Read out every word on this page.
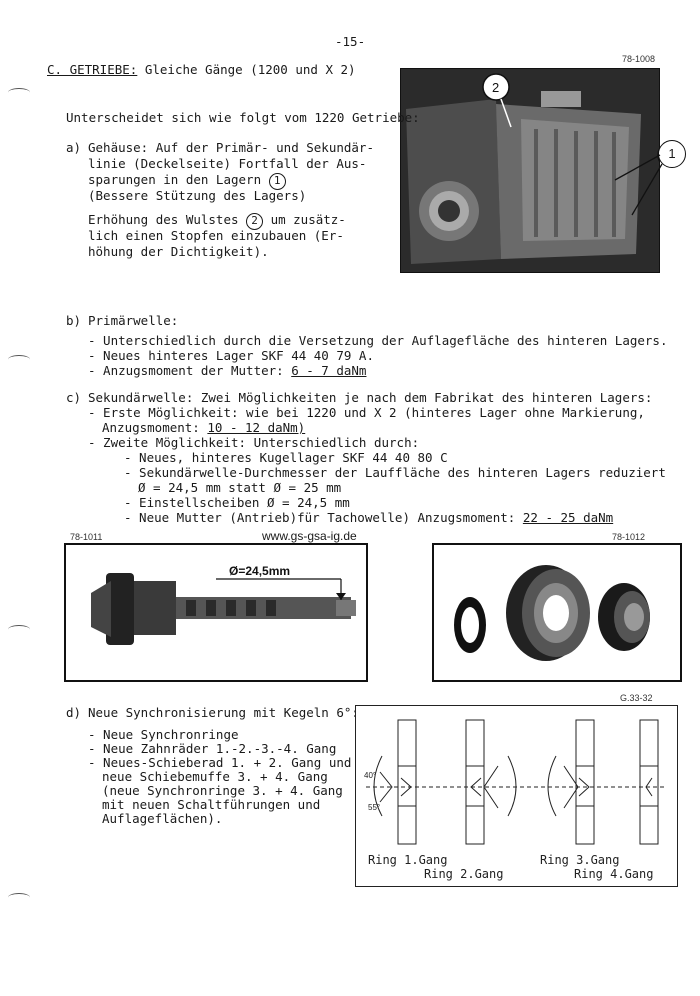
-15-
C. GETRIEBE: Gleiche Gänge (1200 und X 2)
78-1008
2
1
Unterscheidet sich wie folgt vom 1220 Getriebe:
a) Gehäuse: Auf der Primär- und Sekundär-
linie (Deckelseite) Fortfall der Aus-
sparungen in den Lagern 1
(Bessere Stützung des Lagers)
Erhöhung des Wulstes 2 um zusätz-
lich einen Stopfen einzubauen (Er-
höhung der Dichtigkeit).
b) Primärwelle:
- Unterschiedlich durch die Versetzung der Auflagefläche des hinteren Lagers.
- Neues hinteres Lager SKF 44 40 79 A.
- Anzugsmoment der Mutter: 6 - 7 daNm
c) Sekundärwelle: Zwei Möglichkeiten je nach dem Fabrikat des hinteren Lagers:
- Erste Möglichkeit: wie bei 1220 und X 2 (hinteres Lager ohne Markierung,
Anzugsmoment: 10 - 12 daNm)
- Zweite Möglichkeit: Unterschiedlich durch:
- Neues, hinteres Kugellager SKF 44 40 80 C
- Sekundärwelle-Durchmesser der Lauffläche des hinteren Lagers reduziert
Ø = 24,5 mm statt Ø = 25 mm
- Einstellscheiben Ø = 24,5 mm
- Neue Mutter (Antrieb)für Tachowelle) Anzugsmoment: 22 - 25 daNm
78-1011	www.gs-gsa-ig.de	78-1012
Ø=24,5mm
d) Neue Synchronisierung mit Kegeln 6°:
- Neue Synchronringe
- Neue Zahnräder 1.-2.-3.-4. Gang
- Neues-Schieberad 1. + 2. Gang und
neue Schiebemuffe 3. + 4. Gang
(neue Synchronringe 3. + 4. Gang
mit neuen Schaltführungen und
Auflageflächen).
G.33-32
40°
55°
Ring 1.Gang
Ring 2.Gang
Ring 3.Gang
Ring 4.Gang
